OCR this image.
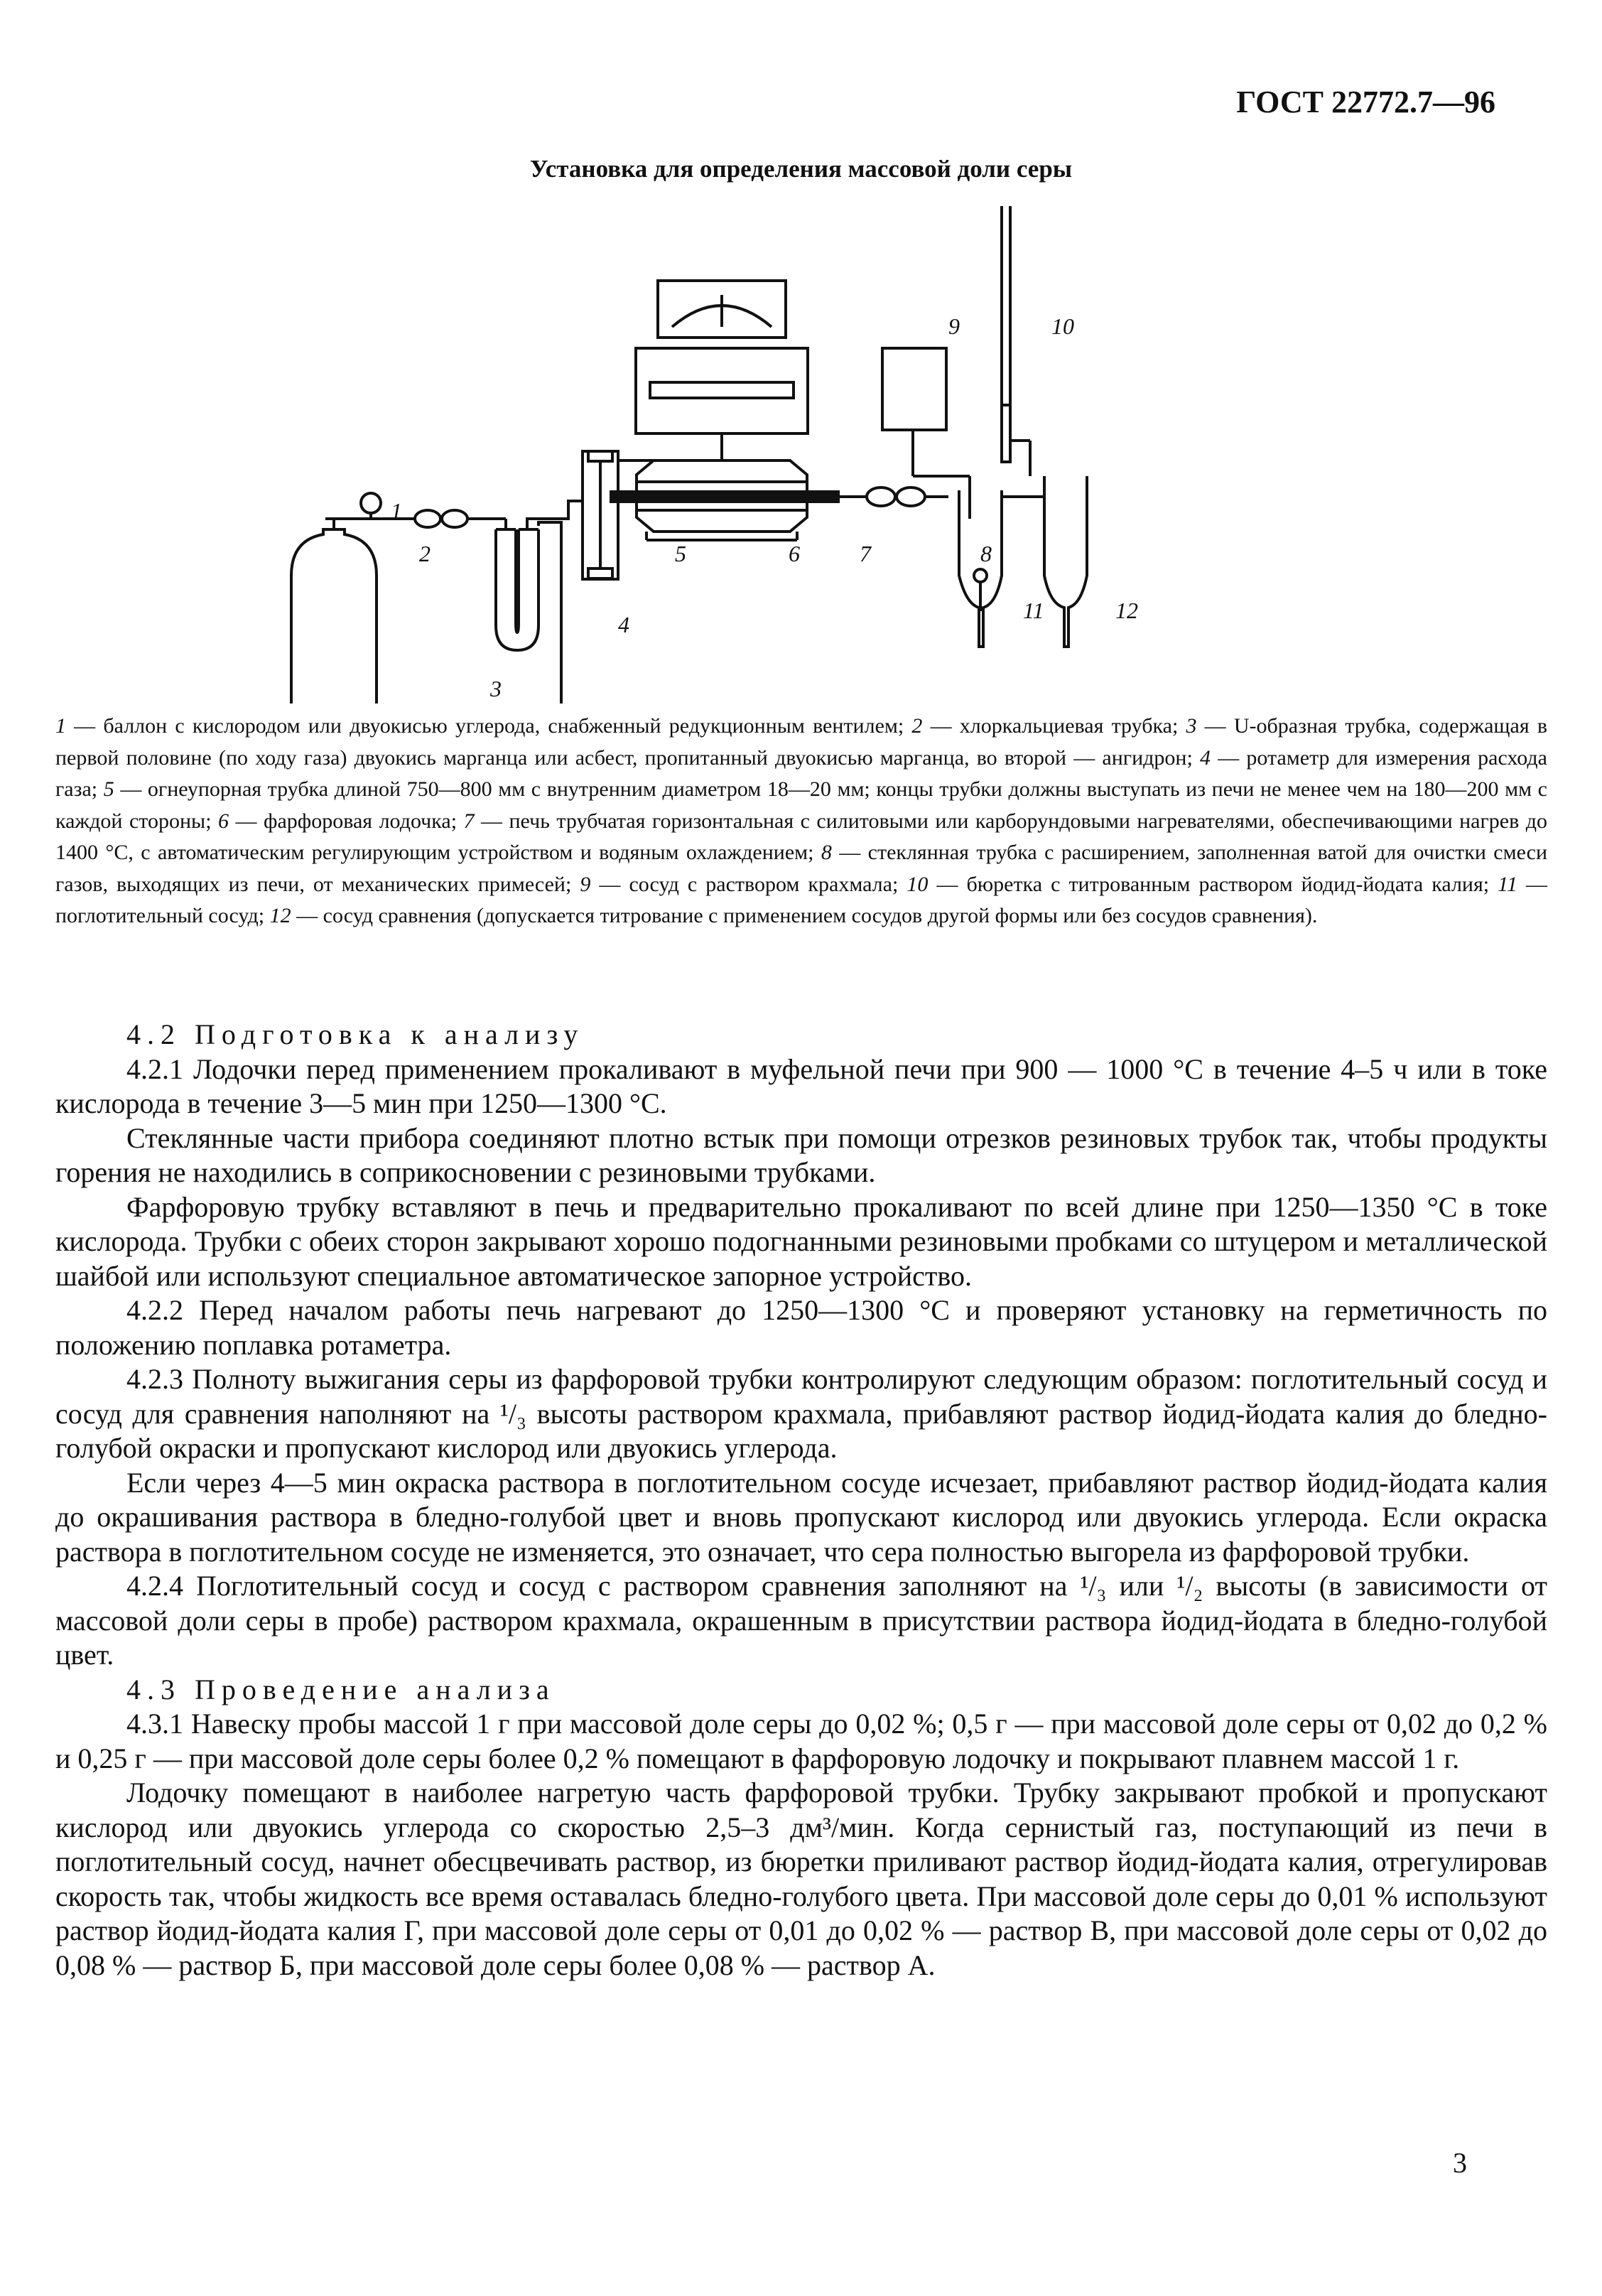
ГОСТ 22772.7—96
Установка для определения массовой доли серы
1
2
3
4
5	6	7	8
9	10
11	12
1 — баллон с кислородом или двуокисью углерода, снабженный редукционным вентилем; 2 — хлоркальциевая трубка; 3 — U-образная трубка, содержащая в первой половине (по ходу газа) двуокись марганца или асбест, пропитанный двуокисью марганца, во второй — ангидрон; 4 — ротаметр для измерения расхода газа; 5 — огнеупорная трубка длиной 750—800 мм с внутренним диаметром 18—20 мм; концы трубки должны выступать из печи не менее чем на 180—200 мм с каждой стороны; 6 — фарфоровая лодочка; 7 — печь трубчатая горизонтальная с силитовыми или карборундовыми нагревателями, обеспечивающими нагрев до 1400 °С, с автоматическим регулирующим устройством и водяным охлаждением; 8 — стеклянная трубка с расширением, заполненная ватой для очистки смеси газов, выходящих из печи, от механических примесей; 9 — сосуд с раствором крахмала; 10 — бюретка с титрованным раствором йодид-йодата калия; 11 — поглотительный сосуд; 12 — сосуд сравнения (допускается титрование с применением сосудов другой формы или без сосудов сравнения).

4.2 Подготовка к анализу

4.2.1 Лодочки перед применением прокаливают в муфельной печи при 900 — 1000 °С в течение 4–5 ч или в токе кислорода в течение 3—5 мин при 1250—1300 °С.

Стеклянные части прибора соединяют плотно встык при помощи отрезков резиновых трубок так, чтобы продукты горения не находились в соприкосновении с резиновыми трубками.

Фарфоровую трубку вставляют в печь и предварительно прокаливают по всей длине при 1250—1350 °С в токе кислорода. Трубки с обеих сторон закрывают хорошо подогнанными резиновыми пробками со штуцером и металлической шайбой или используют специальное автоматическое запорное устройство.

4.2.2 Перед началом работы печь нагревают до 1250—1300 °С и проверяют установку на герметичность по положению поплавка ротаметра.

4.2.3 Полноту выжигания серы из фарфоровой трубки контролируют следующим образом: поглотительный сосуд и сосуд для сравнения наполняют на ¹/₃ высоты раствором крахмала, прибавляют раствор йодид-йодата калия до бледно-голубой окраски и пропускают кислород или двуокись углерода.

Если через 4—5 мин окраска раствора в поглотительном сосуде исчезает, прибавляют раствор йодид-йодата калия до окрашивания раствора в бледно-голубой цвет и вновь пропускают кислород или двуокись углерода. Если окраска раствора в поглотительном сосуде не изменяется, это означает, что сера полностью выгорела из фарфоровой трубки.

4.2.4 Поглотительный сосуд и сосуд с раствором сравнения заполняют на ¹/₃ или ¹/₂ высоты (в зависимости от массовой доли серы в пробе) раствором крахмала, окрашенным в присутствии раствора йодид-йодата в бледно-голубой цвет.

4.3 Проведение анализа

4.3.1 Навеску пробы массой 1 г при массовой доле серы до 0,02 %; 0,5 г — при массовой доле серы от 0,02 до 0,2 % и 0,25 г — при массовой доле серы более 0,2 % помещают в фарфоровую лодочку и покрывают плавнем массой 1 г.

Лодочку помещают в наиболее нагретую часть фарфоровой трубки. Трубку закрывают пробкой и пропускают кислород или двуокись углерода со скоростью 2,5–3 дм³/мин. Когда сернистый газ, поступающий из печи в поглотительный сосуд, начнет обесцвечивать раствор, из бюретки приливают раствор йодид-йодата калия, отрегулировав скорость так, чтобы жидкость все время оставалась бледно-голубого цвета. При массовой доле серы до 0,01 % используют раствор йодид-йодата калия Г, при массовой доле серы от 0,01 до 0,02 % — раствор В, при массовой доле серы от 0,02 до 0,08 % — раствор Б, при массовой доле серы более 0,08 % — раствор А.

3
